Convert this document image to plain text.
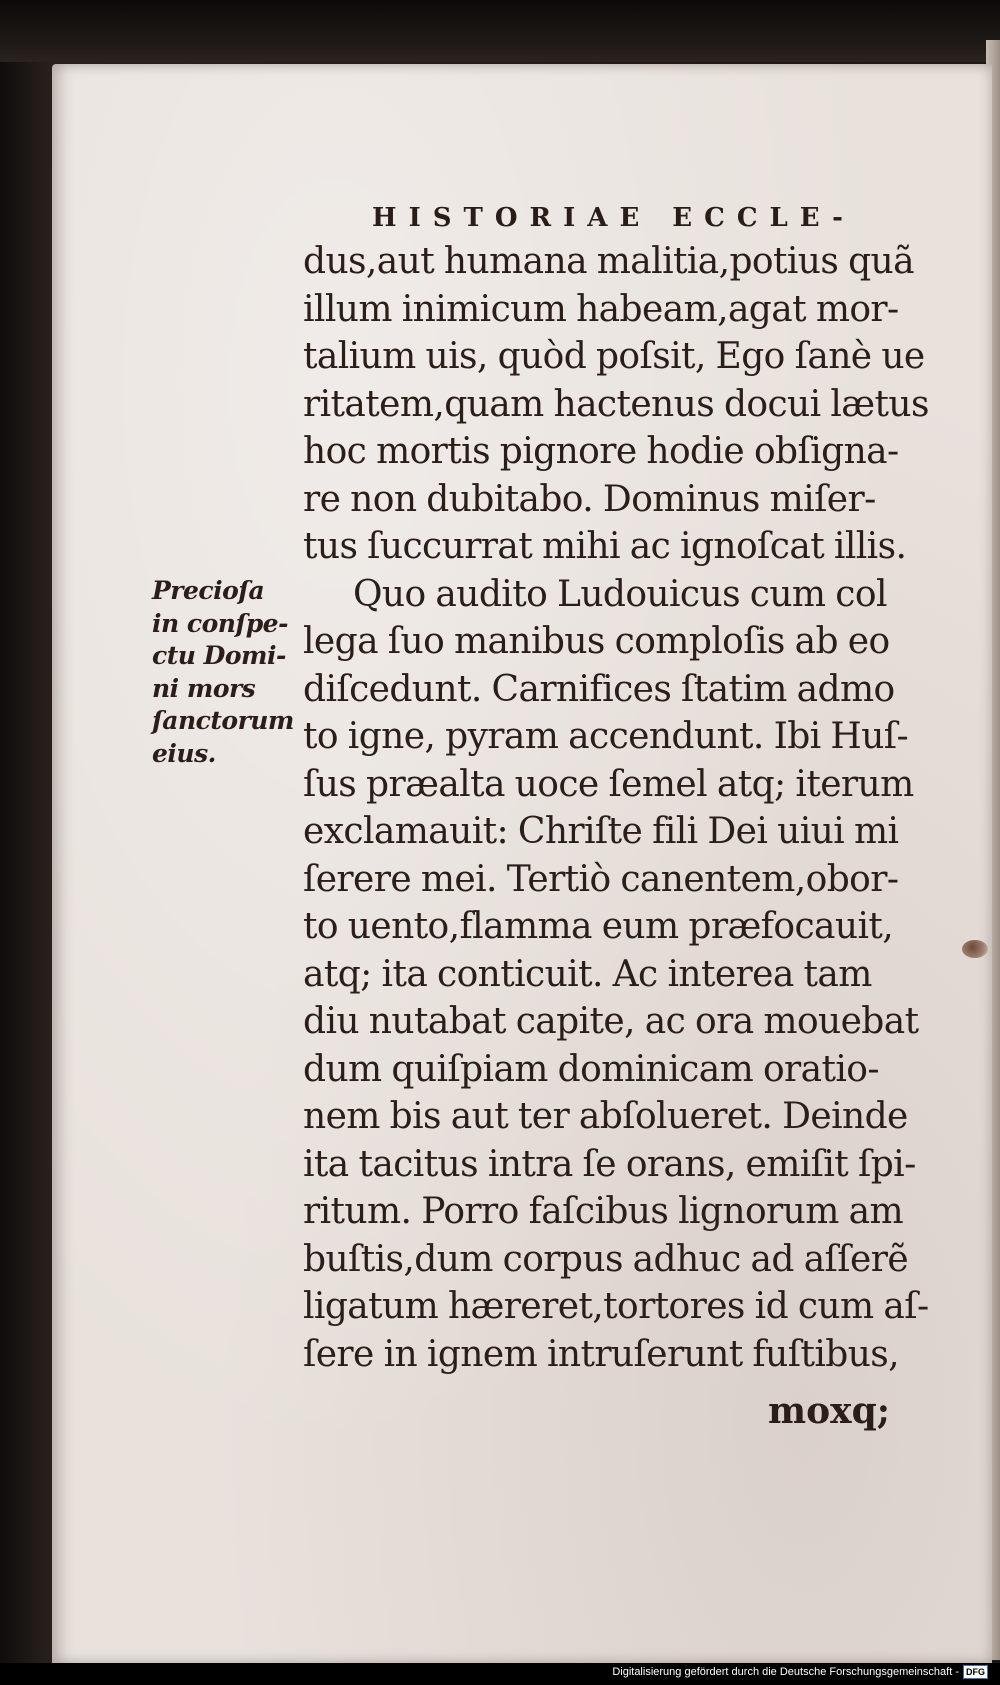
HISTORIAE ECCLE-
dus,aut humana malitia,potius quã
illum inimicum habeam,agat mor-
talium uis, quòd poſsit, Ego ſanè ue
ritatem,quam hactenus docui lætus
hoc mortis pignore hodie obſigna-
re non dubitabo. Dominus miſer-
tus ſuccurrat mihi ac ignoſcat illis.
Quo audito Ludouicus cum col
lega ſuo manibus comploſis ab eo
diſcedunt. Carnifices ſtatim admo
to igne, pyram accendunt. Ibi Huſ-
ſus præalta uoce ſemel atq; iterum
exclamauit: Chriſte fili Dei uiui mi
ſerere mei. Tertiò canentem,obor-
to uento,flamma eum præfocauit,
atq; ita conticuit. Ac interea tam
diu nutabat capite, ac ora mouebat
dum quiſpiam dominicam oratio-
nem bis aut ter abſolueret. Deinde
ita tacitus intra ſe orans, emiſit ſpi-
ritum. Porro faſcibus lignorum am
buſtis,dum corpus adhuc ad aſſerẽ
ligatum hæreret,tortores id cum aſ-
ſere in ignem intruſerunt fuſtibus,
moxq;
Precioſa
in conſpe-
ctu Domi-
ni mors
ſanctorum
eius.
Digitalisierung gefördert durch die Deutsche Forschungsgemeinschaft - DFG
